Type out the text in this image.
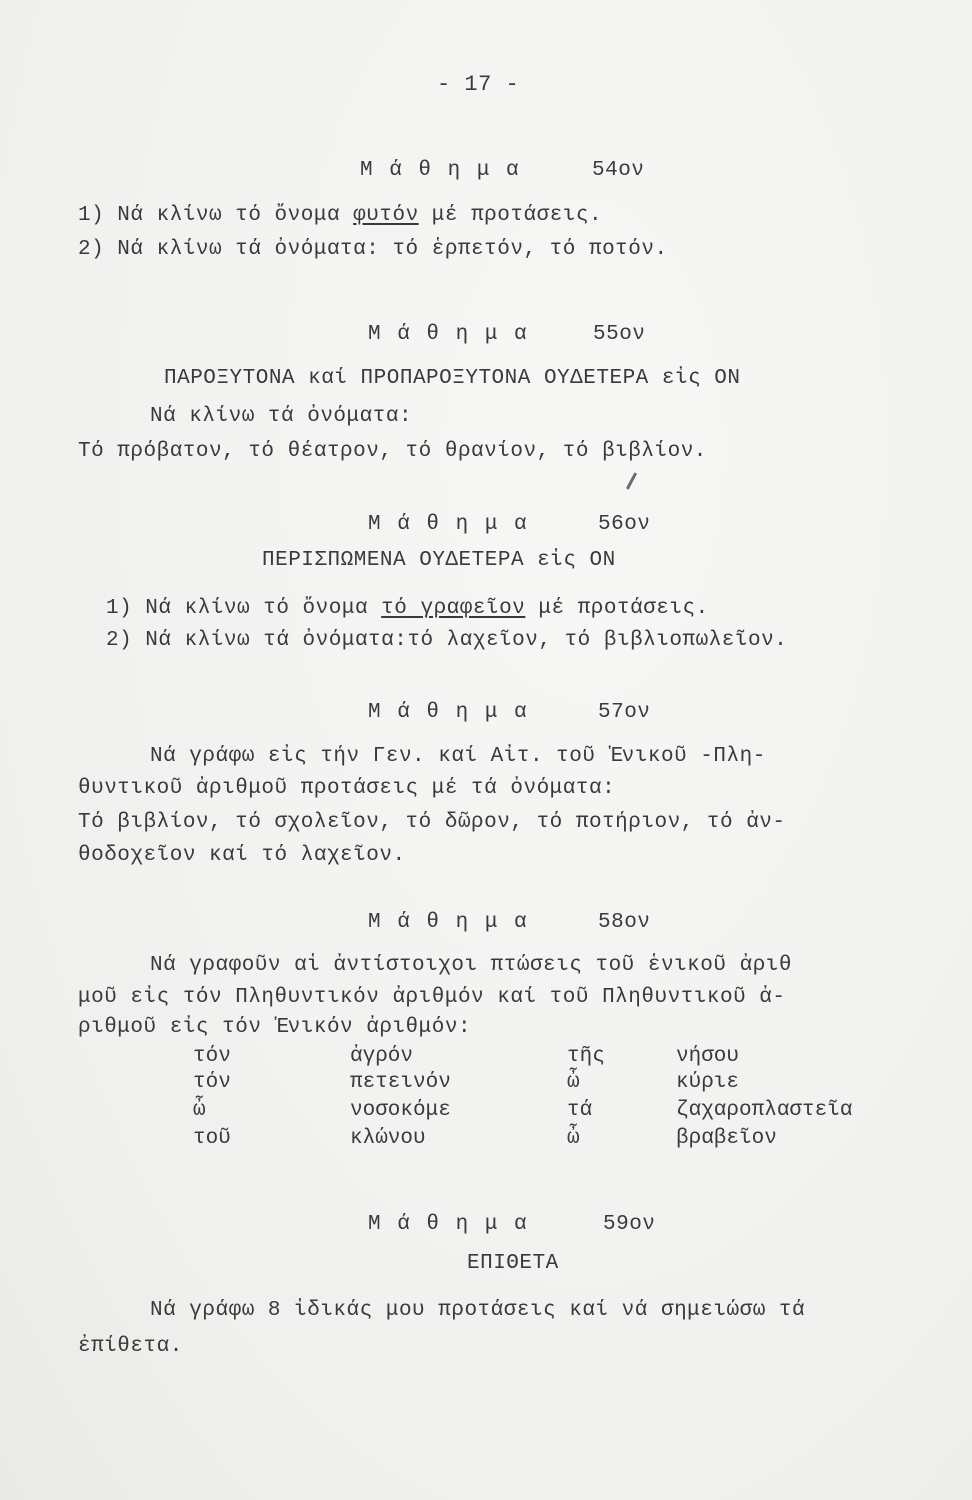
- 17 -
Μ ά θ η μ α	54ον
1) Νά κλίνω τό ὄνομα φυτόν μέ προτάσεις.
2) Νά κλίνω τά ὀνόματα: τό ἑρπετόν, τό ποτόν.
Μ ά θ η μ α	55ον
ΠΑΡΟΞΥΤΟΝΑ καί ΠΡΟΠΑΡΟΞΥΤΟΝΑ ΟΥΔΕΤΕΡΑ εἰς ΟΝ
Νά κλίνω τά ὀνόματα:
Τό πρόβατον, τό θέατρον, τό θρανίον, τό βιβλίον.
Μ ά θ η μ α	56ον
ΠΕΡΙΣΠΩΜΕΝΑ ΟΥΔΕΤΕΡΑ εἰς ΟΝ
1) Νά κλίνω τό ὄνομα τό γραφεῖον μέ προτάσεις.
2) Νά κλίνω τά ὀνόματα:τό λαχεῖον, τό βιβλιοπωλεῖον.
Μ ά θ η μ α	57ον
Νά γράφω εἰς τήν Γεν. καί Αἰτ. τοῦ Ἑνικοῦ -Πλη-
θυντικοῦ ἀριθμοῦ προτάσεις μέ τά ὀνόματα:
Τό βιβλίον, τό σχολεῖον, τό δῶρον, τό ποτήριον, τό ἀν-
θοδοχεῖον καί τό λαχεῖον.
Μ ά θ η μ α	58ον
Νά γραφοῦν αἱ ἀντίστοιχοι πτώσεις τοῦ ἑνικοῦ ἀριθ
μοῦ εἰς τόν Πληθυντικόν ἀριθμόν καί τοῦ Πληθυντικοῦ ἀ-
ριθμοῦ εἰς τόν Ἑνικόν ἀριθμόν:
τόν	ἀγρόν	τῆς	νήσου
τόν	πετεινόν	ὦ	κύριε
ὦ	νοσοκόμε	τά	ζαχαροπλαστεῖα
τοῦ	κλώνου	ὦ	βραβεῖον
Μ ά θ η μ α	59ον
ΕΠΙΘΕΤΑ
Νά γράφω 8 ἰδικάς μου προτάσεις καί νά σημειώσω τά
ἐπίθετα.
